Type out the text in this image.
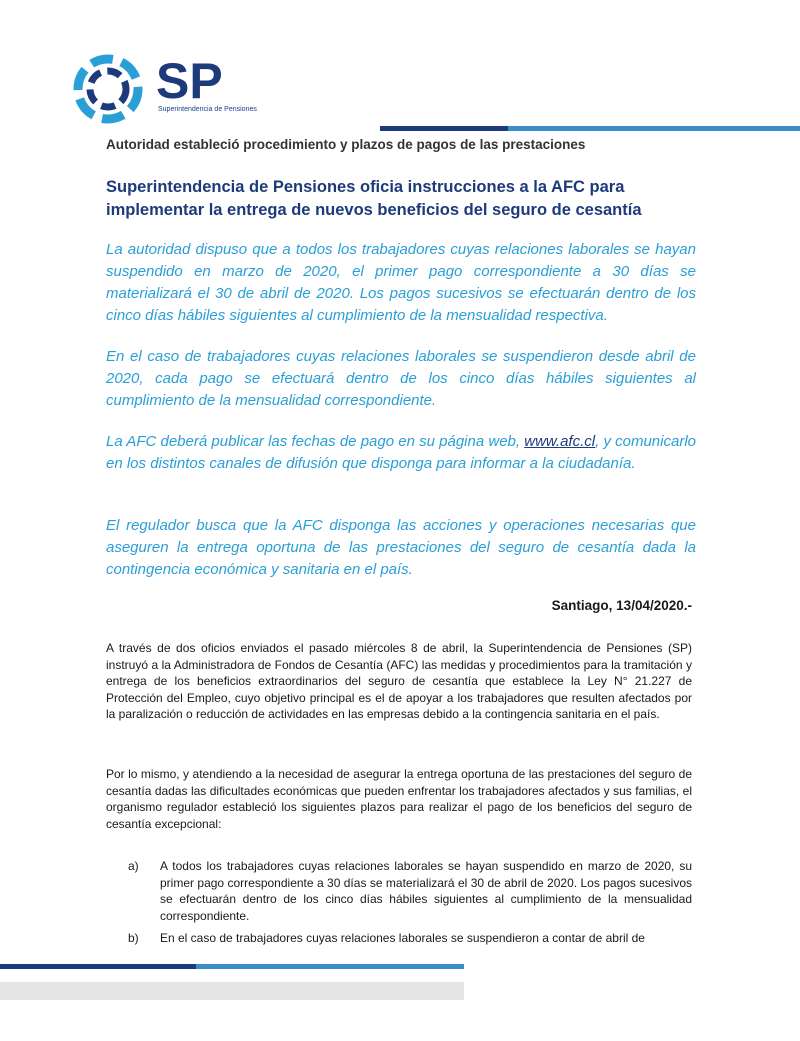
SP
Superintendencia de Pensiones
Autoridad estableció procedimiento y plazos de pagos de las prestaciones
Superintendencia de Pensiones oficia instrucciones a la AFC para implementar la entrega de nuevos beneficios del seguro de cesantía
La autoridad dispuso que a todos los trabajadores cuyas relaciones laborales se hayan suspendido en marzo de 2020, el primer pago correspondiente a 30 días se materializará el 30 de abril de 2020. Los pagos sucesivos se efectuarán dentro de los cinco días hábiles siguientes al cumplimiento de la mensualidad respectiva.
En el caso de trabajadores cuyas relaciones laborales se suspendieron desde abril de 2020, cada pago se efectuará dentro de los cinco días hábiles siguientes al cumplimiento de la mensualidad correspondiente.
La AFC deberá publicar las fechas de pago en su página web, www.afc.cl, y comunicarlo en los distintos canales de difusión que disponga para informar a la ciudadanía.
El regulador busca que la AFC disponga las acciones y operaciones necesarias que aseguren la entrega oportuna de las prestaciones del seguro de cesantía dada la contingencia económica y sanitaria en el país.
Santiago, 13/04/2020.-
A través de dos oficios enviados el pasado miércoles 8 de abril, la Superintendencia de Pensiones (SP) instruyó a la Administradora de Fondos de Cesantía (AFC) las medidas y procedimientos para la tramitación y entrega de los beneficios extraordinarios del seguro de cesantía que establece la Ley N° 21.227 de Protección del Empleo, cuyo objetivo principal es el de apoyar a los trabajadores que resulten afectados por la paralización o reducción de actividades en las empresas debido a la contingencia sanitaria en el país.
Por lo mismo, y atendiendo a la necesidad de asegurar la entrega oportuna de las prestaciones del seguro de cesantía dadas las dificultades económicas que pueden enfrentar los trabajadores afectados y sus familias, el organismo regulador estableció los siguientes plazos para realizar el pago de los beneficios del seguro de cesantía excepcional:
a) A todos los trabajadores cuyas relaciones laborales se hayan suspendido en marzo de 2020, su primer pago correspondiente a 30 días se materializará el 30 de abril de 2020. Los pagos sucesivos se efectuarán dentro de los cinco días hábiles siguientes al cumplimiento de la mensualidad correspondiente.
b) En el caso de trabajadores cuyas relaciones laborales se suspendieron a contar de abril de
